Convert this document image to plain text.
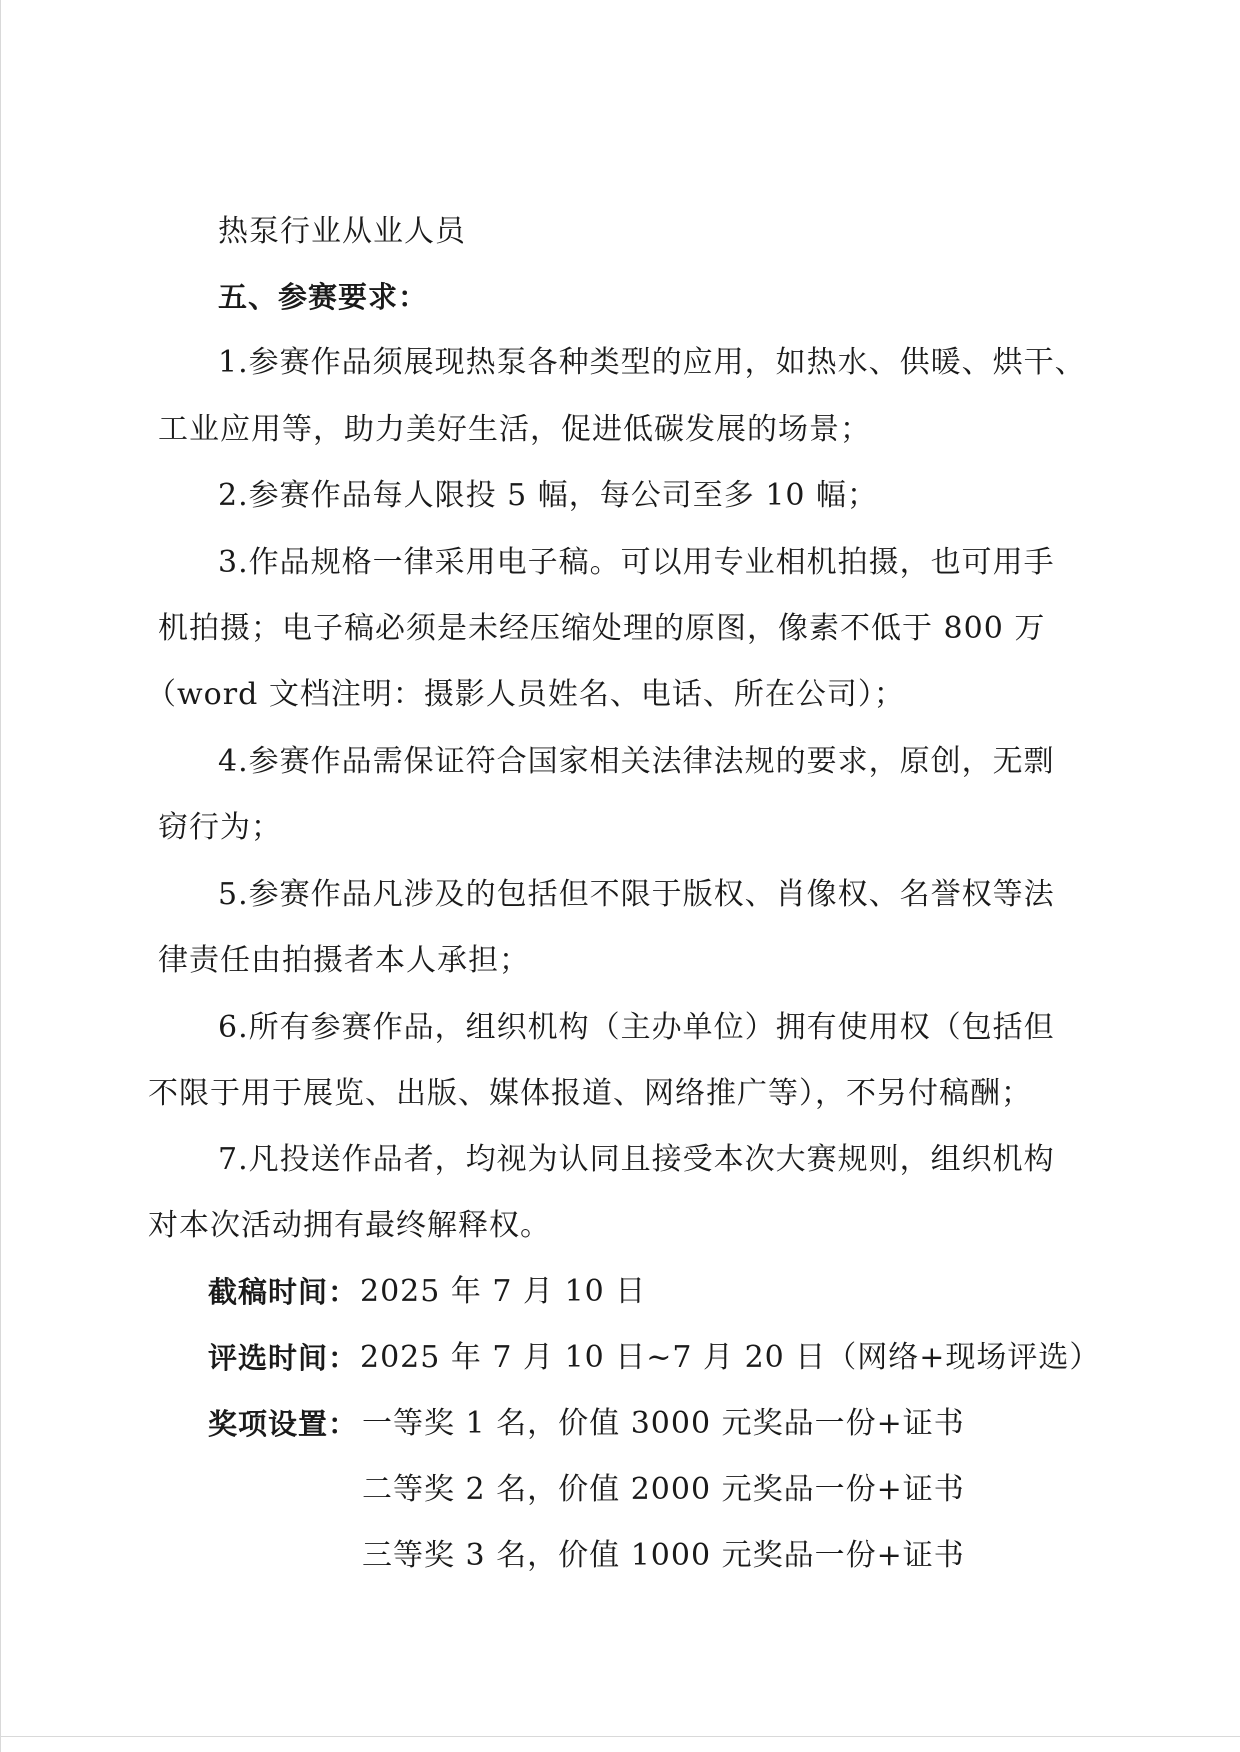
热泵行业从业人员
五、参赛要求：
1.参赛作品须展现热泵各种类型的应用，如热水、供暖、烘干、
工业应用等，助力美好生活，促进低碳发展的场景；
2.参赛作品每人限投 5 幅，每公司至多 10 幅；
3.作品规格一律采用电子稿。可以用专业相机拍摄，也可用手
机拍摄；电子稿必须是未经压缩处理的原图，像素不低于 800 万
（word 文档注明：摄影人员姓名、电话、所在公司）；
4.参赛作品需保证符合国家相关法律法规的要求，原创，无剽
窃行为；
5.参赛作品凡涉及的包括但不限于版权、肖像权、名誉权等法
律责任由拍摄者本人承担；
6.所有参赛作品，组织机构（主办单位）拥有使用权（包括但
不限于用于展览、出版、媒体报道、网络推广等），不另付稿酬；
7.凡投送作品者，均视为认同且接受本次大赛规则，组织机构
对本次活动拥有最终解释权。
截稿时间： 2025 年 7 月 10 日
评选时间： 2025 年 7 月 10 日~7 月 20 日（网络+现场评选）
奖项设置： 一等奖 1 名，价值 3000 元奖品一份+证书
二等奖 2 名，价值 2000 元奖品一份+证书
三等奖 3 名，价值 1000 元奖品一份+证书
